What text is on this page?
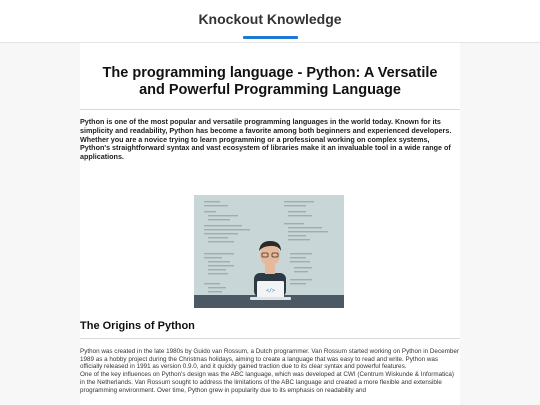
Knockout Knowledge
The programming language - Python: A Versatile and Powerful Programming Language

Python is one of the most popular and versatile programming languages in the world today. Known for its simplicity and readability, Python has become a favorite among both beginners and experienced developers. Whether you are a novice trying to learn programming or a professional working on complex systems, Python's straightforward syntax and vast ecosystem of libraries make it an invaluable tool in a wide range of applications.

</>
The Origins of Python

Python was created in the late 1980s by Guido van Rossum, a Dutch programmer. Van Rossum started working on Python in December 1989 as a hobby project during the Christmas holidays, aiming to create a language that was easy to read and write. Python was officially released in 1991 as version 0.9.0, and it quickly gained traction due to its clear syntax and powerful features.

One of the key influences on Python's design was the ABC language, which was developed at CWI (Centrum Wiskunde & Informatica) in the Netherlands. Van Rossum sought to address the limitations of the ABC language and created a more flexible and extensible programming environment. Over time, Python grew in popularity due to its emphasis on readability and
